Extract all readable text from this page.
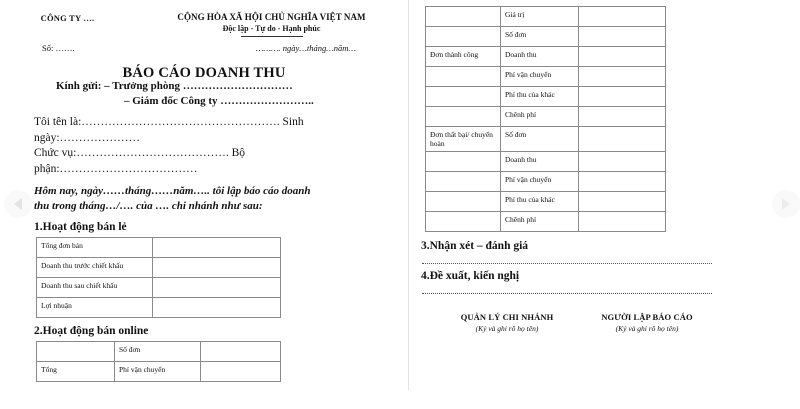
CÔNG TY ….	CỘNG HÒA XÃ HỘI CHỦ NGHĨA VIỆT NAM
Độc lập - Tự do - Hạnh phúc
Số: …….	………. ngày…tháng…năm…
BÁO CÁO DOANH THU
Kính gửi: – Trưởng phòng …………………………
– Giám đốc Công ty ……………………..
Tôi tên là:……………………………………………. Sinh ngày:…………………
Chức vụ:…………………………………. Bộ phận:………………………………
Hôm nay, ngày……tháng……năm….. tôi lập báo cáo doanh thu trong tháng…/…. của …. chi nhánh như sau:
1.Hoạt động bán lẻ
Tổng đơn bán	
Doanh thu trước chiết khấu	
Doanh thu sau chiết khấu	
Lợi nhuận	
2.Hoạt động bán online
	Số đơn	
Tổng	Phí vận chuyển	
	Giá trị	
	Số đơn	
Đơn thành công	Doanh thu	
	Phí vận chuyển	
	Phí thu của khác	
	Chênh phí	
Đơn thất bại/ chuyển hoàn	Số đơn	
	Doanh thu	
	Phí vận chuyển	
	Phí thu của khác	
	Chênh phí	
3.Nhận xét – đánh giá
4.Đề xuất, kiến nghị
QUẢN LÝ CHI NHÁNH
(Ký và ghi rõ họ tên)
NGƯỜI LẬP BÁO CÁO
(Ký và ghi rõ họ tên)
